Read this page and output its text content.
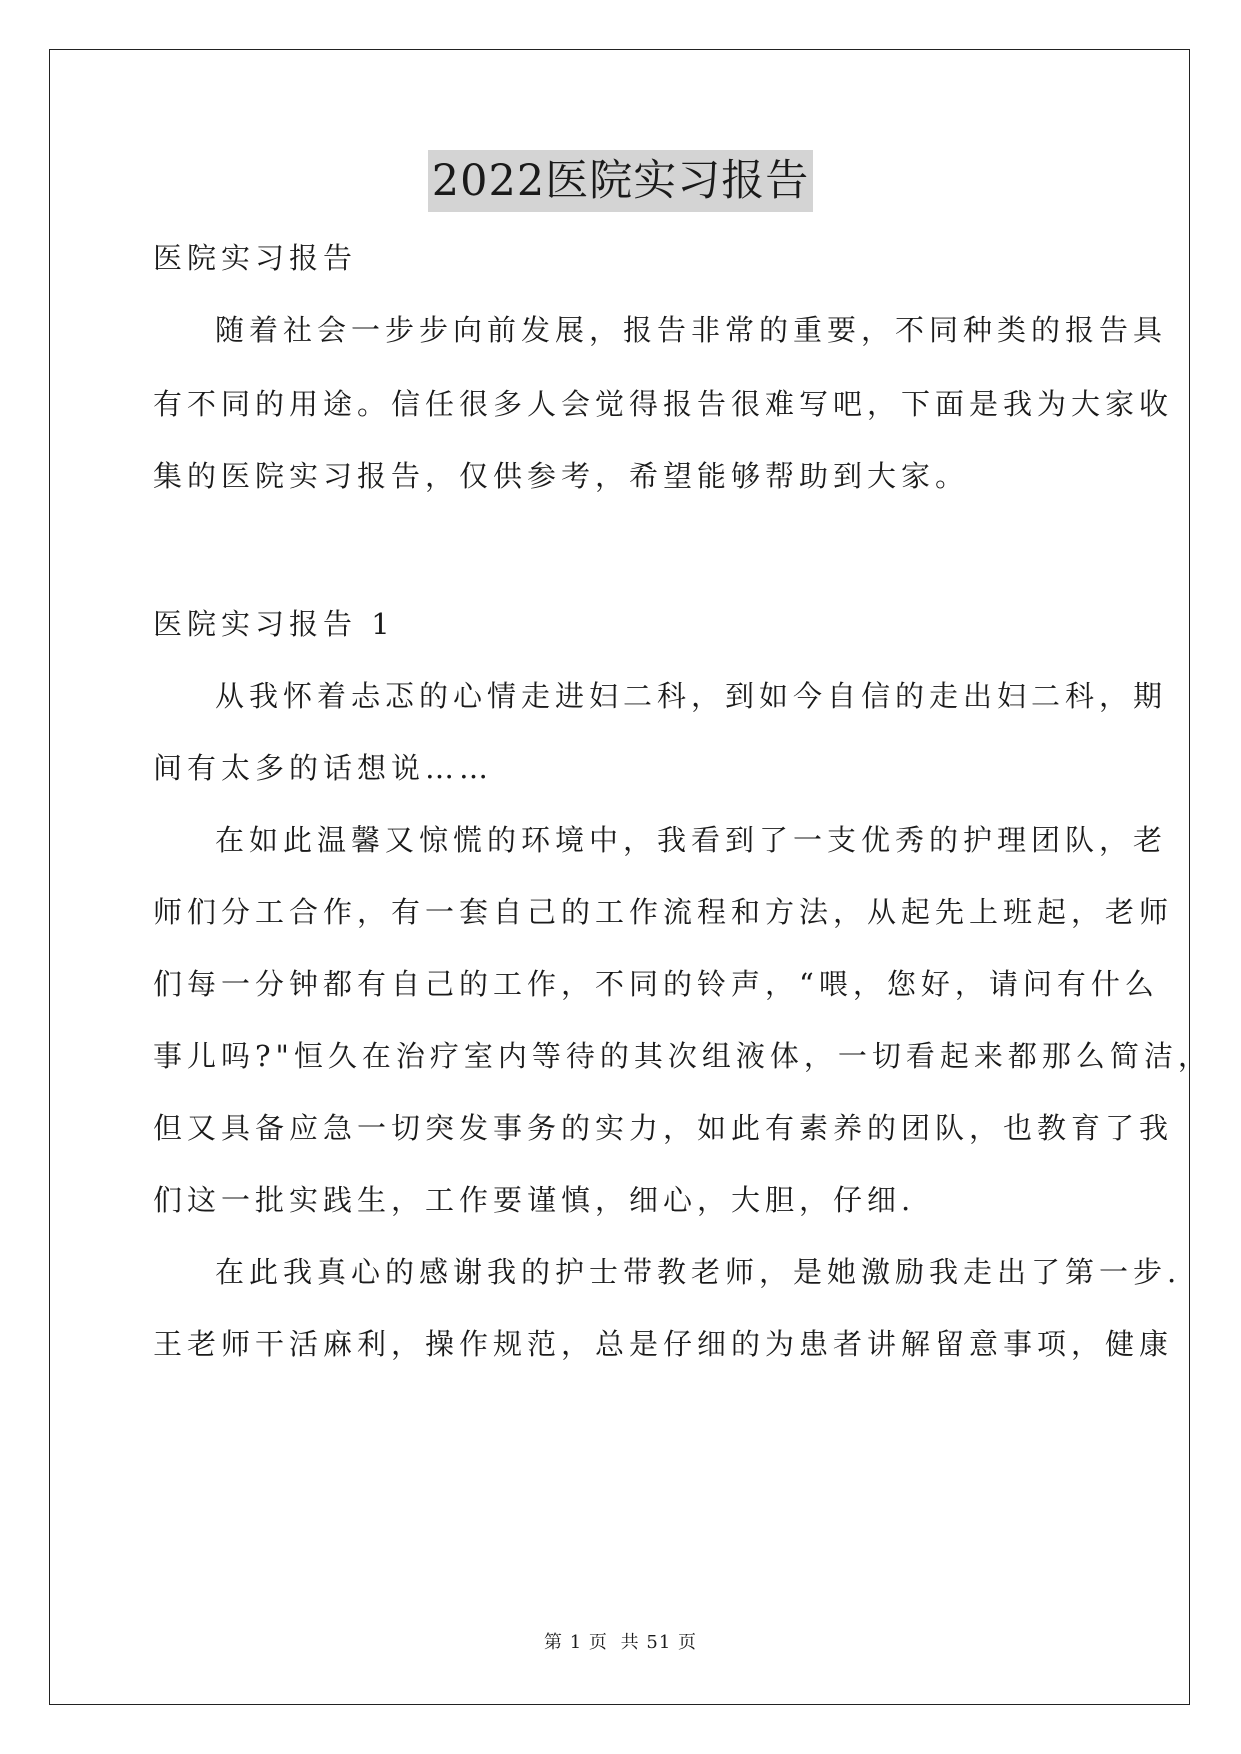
2022医院实习报告
医院实习报告
随着社会一步步向前发展，报告非常的重要，不同种类的报告具
有不同的用途。信任很多人会觉得报告很难写吧，下面是我为大家收
集的医院实习报告，仅供参考，希望能够帮助到大家。
医院实习报告 1
从我怀着忐忑的心情走进妇二科，到如今自信的走出妇二科，期
间有太多的话想说……
在如此温馨又惊慌的环境中，我看到了一支优秀的护理团队，老
师们分工合作，有一套自己的工作流程和方法，从起先上班起，老师
们每一分钟都有自己的工作，不同的铃声，“喂，您好，请问有什么
事儿吗?"恒久在治疗室内等待的其次组液体，一切看起来都那么简洁，
但又具备应急一切突发事务的实力，如此有素养的团队，也教育了我
们这一批实践生，工作要谨慎，细心，大胆，仔细.
在此我真心的感谢我的护士带教老师，是她激励我走出了第一步.
王老师干活麻利，操作规范，总是仔细的为患者讲解留意事项，健康
第 1 页 共 51 页
